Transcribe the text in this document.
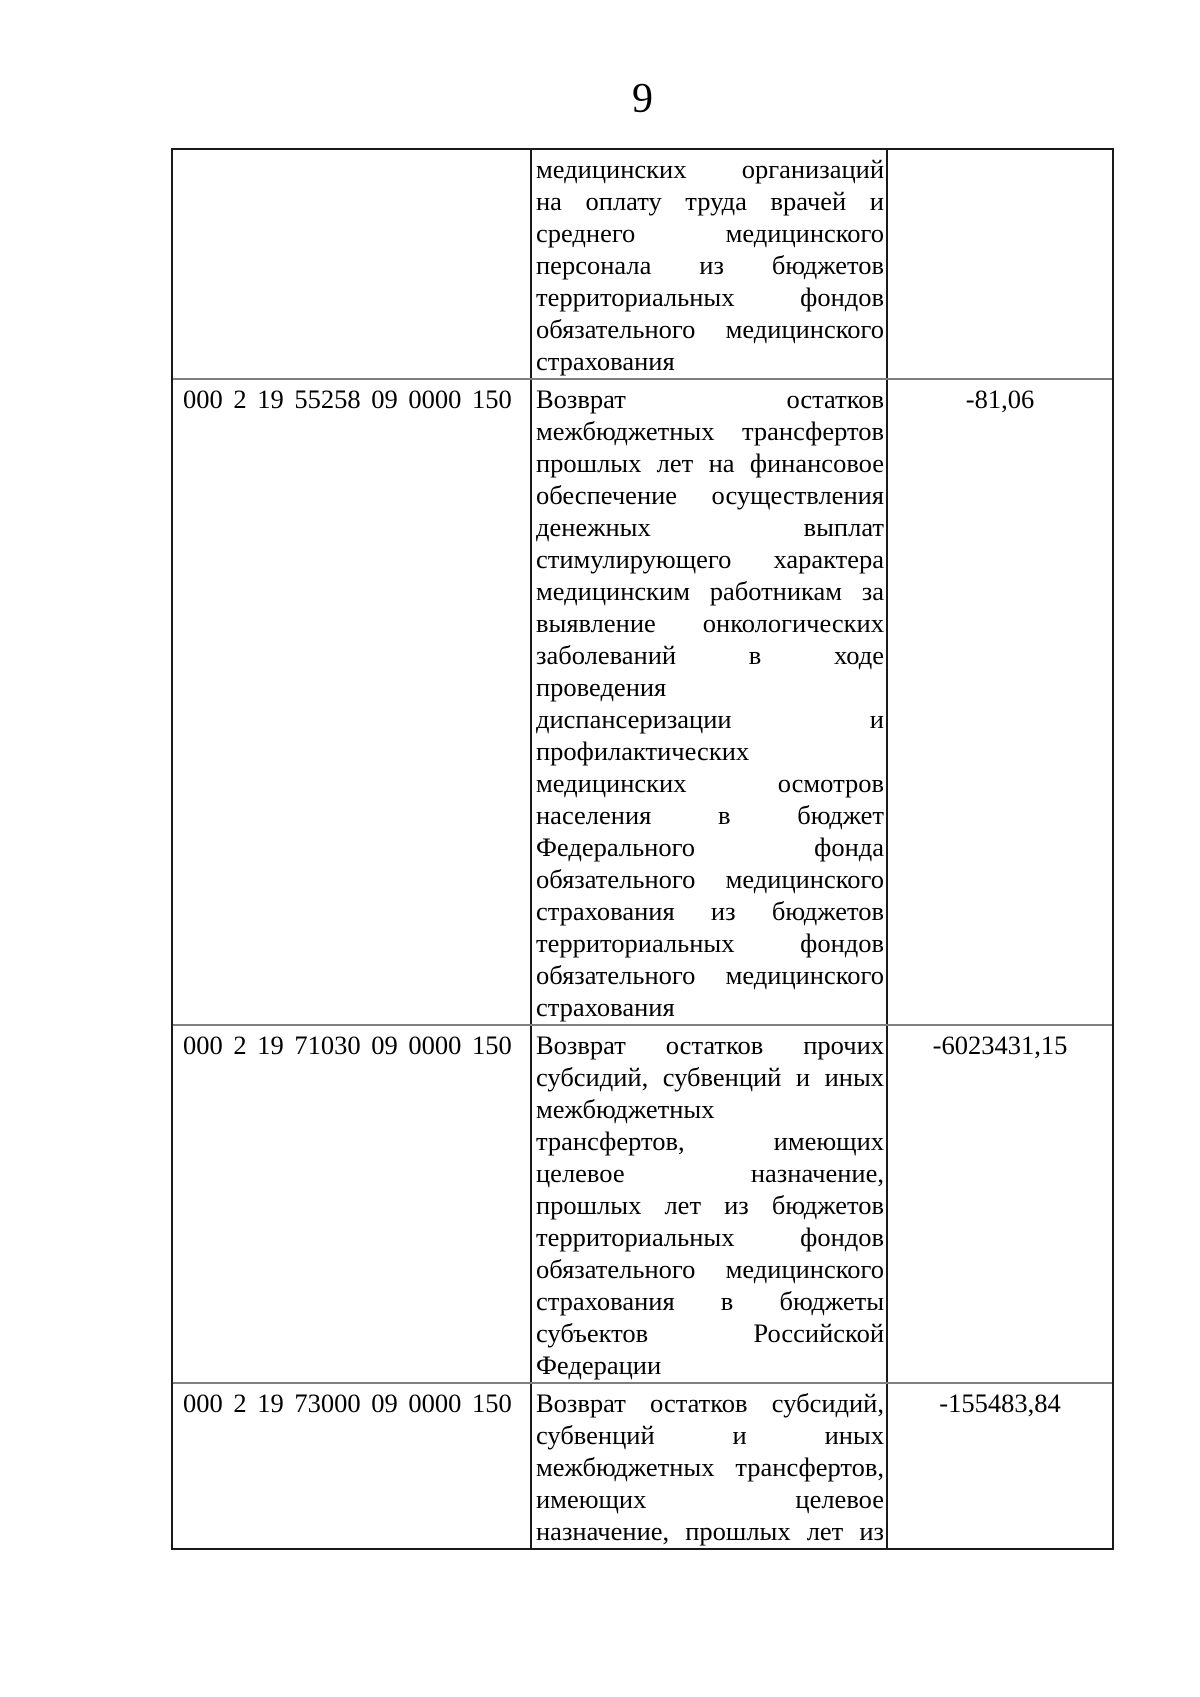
9
медицинских организаций
на оплату труда врачей и
среднего медицинского
персонала из бюджетов
территориальных фондов
обязательного медицинского
страхования
000 2 19 55258 09 0000 150 Возврат остатков
межбюджетных трансфертов
прошлых лет на финансовое
обеспечение осуществления
денежных выплат
стимулирующего характера
медицинским работникам за
выявление онкологических
заболеваний в ходе
проведения
диспансеризации и
профилактических
медицинских осмотров
населения в бюджет
Федерального фонда
обязательного медицинского
страхования из бюджетов
территориальных фондов
обязательного медицинского
страхования
-81,06
000 2 19 71030 09 0000 150 Возврат остатков прочих
субсидий, субвенций и иных
межбюджетных
трансфертов, имеющих
целевое назначение,
прошлых лет из бюджетов
территориальных фондов
обязательного медицинского
страхования в бюджеты
субъектов Российской
Федерации
-6023431,15
000 2 19 73000 09 0000 150 Возврат остатков субсидий,
субвенций и иных
межбюджетных трансфертов,
имеющих целевое
назначение, прошлых лет из
-155483,84
